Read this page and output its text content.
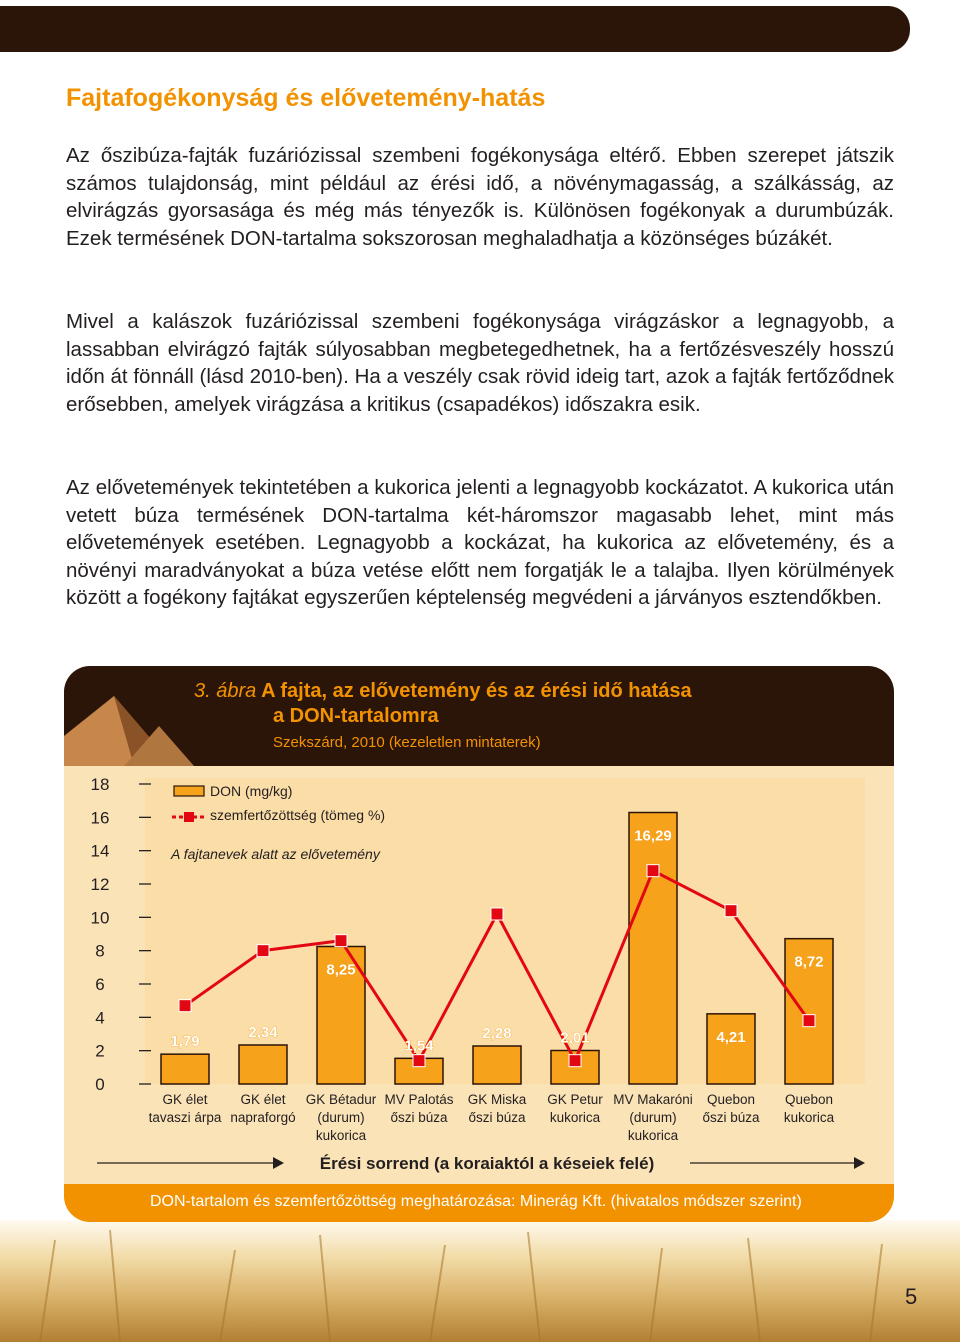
Fajtafogékonyság és elővetemény-hatás

Az őszibúza-fajták fuzáriózissal szembeni fogékonysága eltérő. Ebben szerepet játszik számos tulajdonság, mint például az érési idő, a növénymagasság, a szálkásság, az elvirágzás gyorsasága és még más tényezők is. Különösen fogékonyak a durumbúzák. Ezek termésének DON-tartalma sokszorosan meghaladhatja a közönséges búzákét.

Mivel a kalászok fuzáriózissal szembeni fogékonysága virágzáskor a legnagyobb, a lassabban elvirágzó fajták súlyosabban megbetegedhetnek, ha a fertőzésveszély hosszú időn át fönnáll (lásd 2010-ben). Ha a veszély csak rövid ideig tart, azok a fajták fertőződnek erősebben, amelyek virágzása a kritikus (csapadékos) időszakra esik.

Az elővetemények tekintetében a kukorica jelenti a legnagyobb kockázatot. A kukorica után vetett búza termésének DON-tartalma két-háromszor magasabb lehet, mint más elővetemények esetében. Legnagyobb a kockázat, ha kukorica az elővetemény, és a növényi maradványokat a búza vetése előtt nem forgatják le a talajba. Ilyen körülmények között a fogékony fajtákat egyszerűen képtelenség megvédeni a járványos esztendőkben.

5
3. ábra A fajta, az elővetemény és az érési idő hatása
a DON-tartalomra
Szekszárd, 2010 (kezeletlen mintaterek)
18
16
14
12
10
8
6
4
2
0
1,79
2,34
8,25
1,54
2,28	2,01
16,29
4,21
8,72
GK élet tavaszi árpa
GK élet napraforgó
GK Bétadur (durum) kukorica
MV Palotás őszi búza
GK Miska őszi búza
GK Petur kukorica
MV Makaróni (durum) kukorica
Quebon őszi búza
Quebon kukorica
DON (mg/kg)
szemfertőzöttség (tömeg %)
A fajtanevek alatt az elővetemény
Érési sorrend (a koraiaktól a késeiek felé)
DON-tartalom és szemfertőzöttség meghatározása: Minerág Kft. (hivatalos módszer szerint)
